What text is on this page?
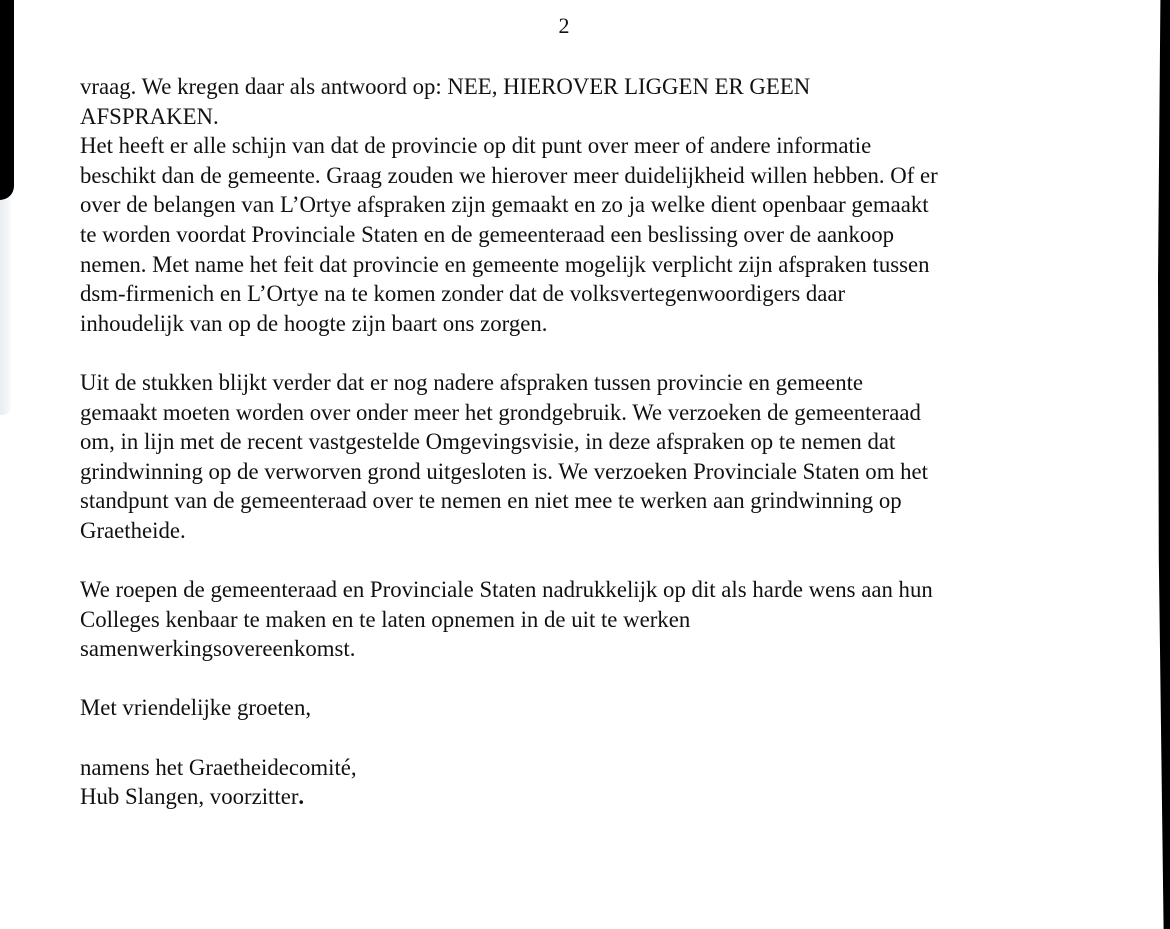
2

vraag. We kregen daar als antwoord op: NEE, HIEROVER LIGGEN ER GEEN
AFSPRAKEN.

Het heeft er alle schijn van dat de provincie op dit punt over meer of andere informatie
beschikt dan de gemeente. Graag zouden we hierover meer duidelijkheid willen hebben. Of er
over de belangen van L’Ortye afspraken zijn gemaakt en zo ja welke dient openbaar gemaakt
te worden voordat Provinciale Staten en de gemeenteraad een beslissing over de aankoop
nemen. Met name het feit dat provincie en gemeente mogelijk verplicht zijn afspraken tussen
dsm-firmenich en L’Ortye na te komen zonder dat de volksvertegenwoordigers daar
inhoudelijk van op de hoogte zijn baart ons zorgen.

Uit de stukken blijkt verder dat er nog nadere afspraken tussen provincie en gemeente
gemaakt moeten worden over onder meer het grondgebruik. We verzoeken de gemeenteraad
om, in lijn met de recent vastgestelde Omgevingsvisie, in deze afspraken op te nemen dat
grindwinning op de verworven grond uitgesloten is. We verzoeken Provinciale Staten om het
standpunt van de gemeenteraad over te nemen en niet mee te werken aan grindwinning op
Graetheide.

We roepen de gemeenteraad en Provinciale Staten nadrukkelijk op dit als harde wens aan hun
Colleges kenbaar te maken en te laten opnemen in de uit te werken
samenwerkingsovereenkomst.

Met vriendelijke groeten,

namens het Graetheidecomité,
Hub Slangen, voorzitter.
